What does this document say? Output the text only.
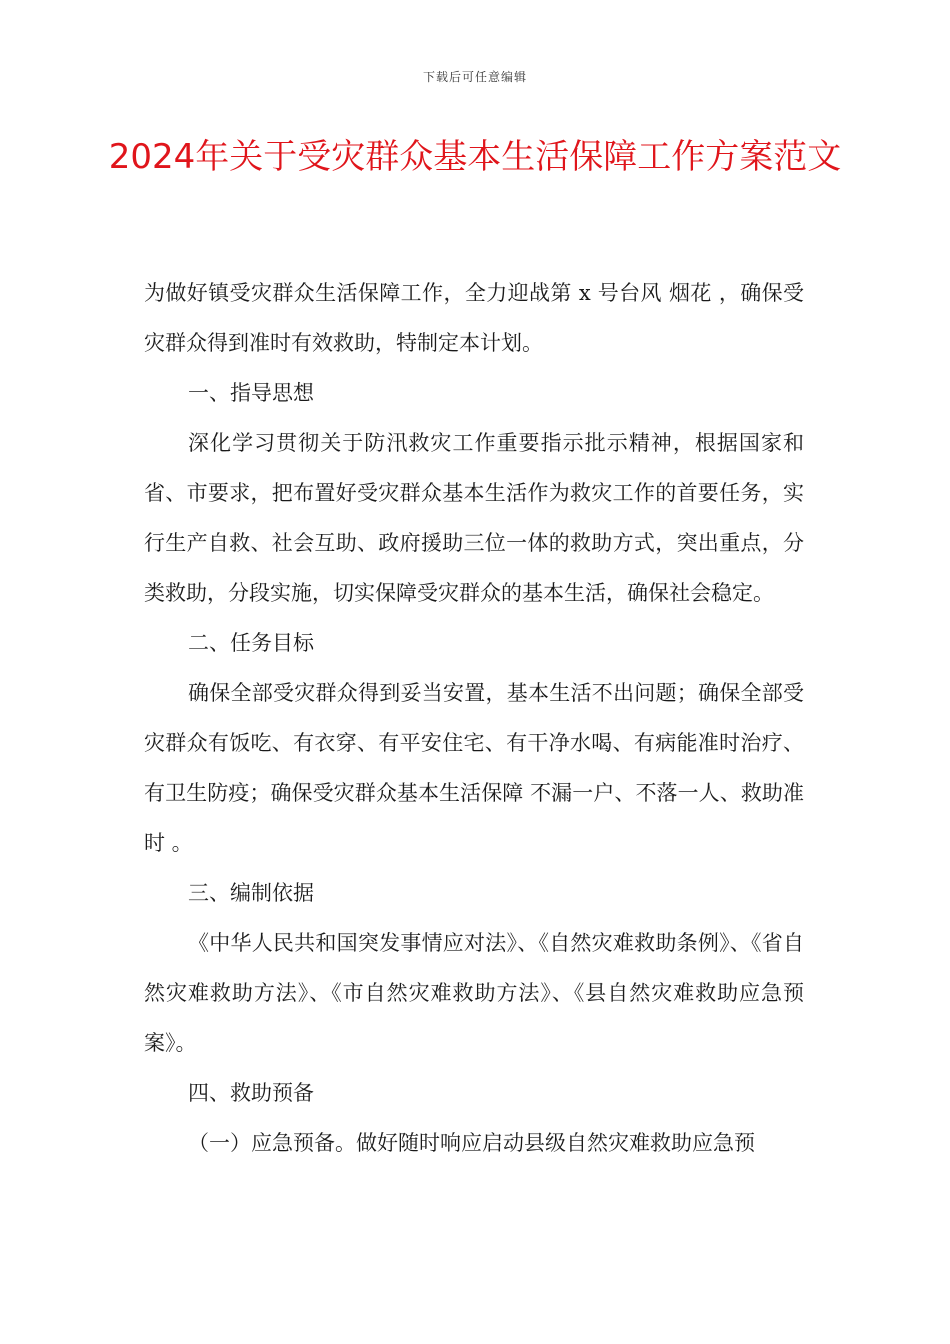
下载后可任意编辑
2024年关于受灾群众基本生活保障工作方案范文

为做好镇受灾群众生活保障工作，全力迎战第 x 号台风 烟花 ，确保受灾群众得到准时有效救助，特制定本计划。

一、指导思想

深化学习贯彻关于防汛救灾工作重要指示批示精神，根据国家和省、市要求，把布置好受灾群众基本生活作为救灾工作的首要任务，实行生产自救、社会互助、政府援助三位一体的救助方式，突出重点，分类救助，分段实施，切实保障受灾群众的基本生活，确保社会稳定。

二、任务目标

确保全部受灾群众得到妥当安置，基本生活不出问题；确保全部受灾群众有饭吃、有衣穿、有平安住宅、有干净水喝、有病能准时治疗、有卫生防疫；确保受灾群众基本生活保障 不漏一户、不落一人、救助准时 。

三、编制依据

《中华人民共和国突发事情应对法》、《自然灾难救助条例》、《省自然灾难救助方法》、《市自然灾难救助方法》、《县自然灾难救助应急预案》。

四、救助预备

（一）应急预备。做好随时响应启动县级自然灾难救助应急预
